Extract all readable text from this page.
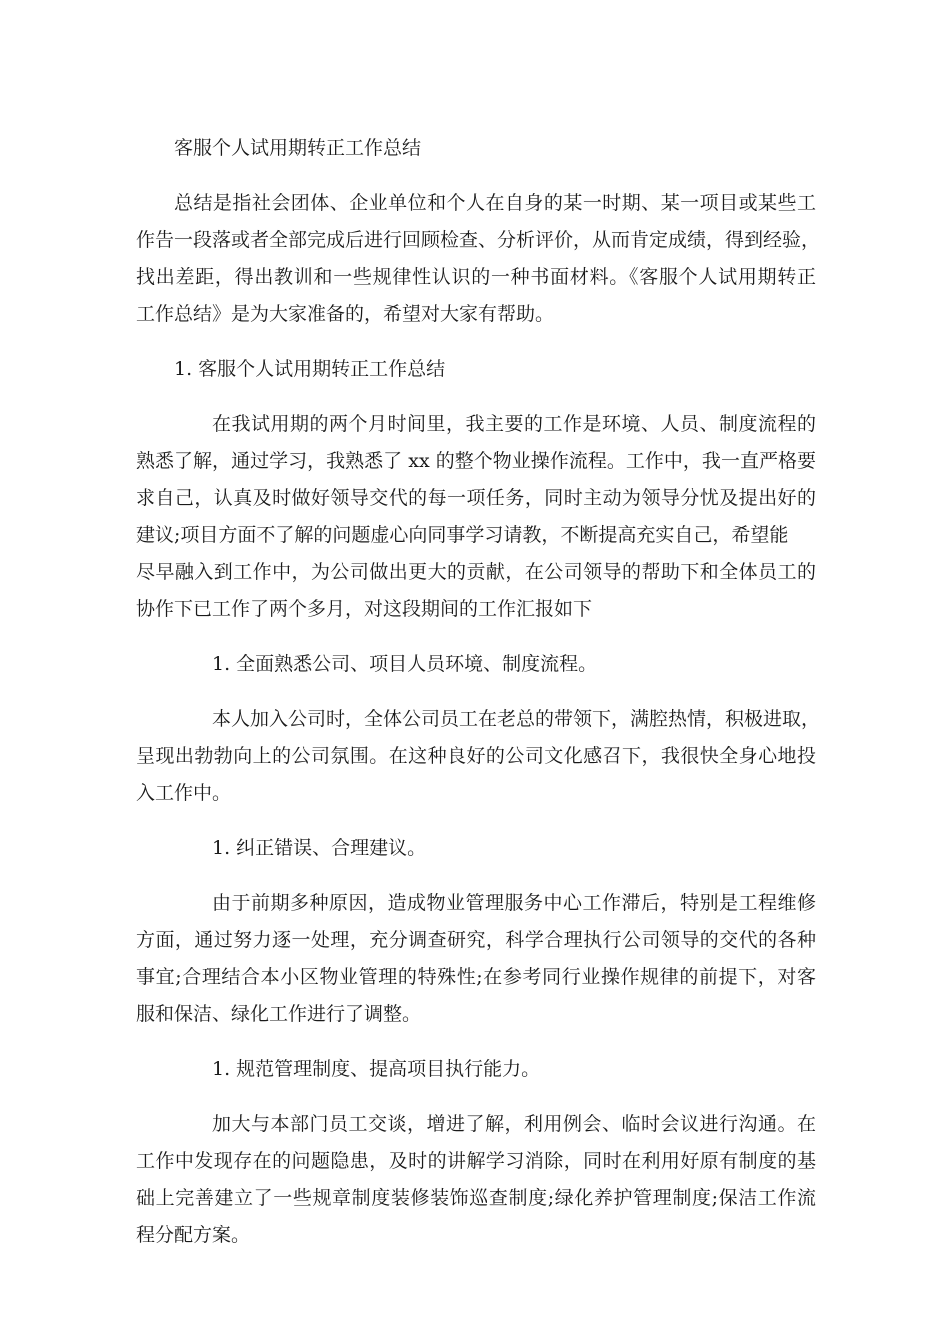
客服个人试用期转正工作总结
总结是指社会团体、企业单位和个人在自身的某一时期、某一项目或某些工
作告一段落或者全部完成后进行回顾检查、分析评价，从而肯定成绩，得到经验，
找出差距，得出教训和一些规律性认识的一种书面材料。《客服个人试用期转正
工作总结》是为大家准备的，希望对大家有帮助。
1. 客服个人试用期转正工作总结
在我试用期的两个月时间里，我主要的工作是环境、人员、制度流程的
熟悉了解，通过学习，我熟悉了 xx 的整个物业操作流程。工作中，我一直严格要
求自己，认真及时做好领导交代的每一项任务，同时主动为领导分忧及提出好的
建议;项目方面不了解的问题虚心向同事学习请教，不断提高充实自己，希望能
尽早融入到工作中，为公司做出更大的贡献，在公司领导的帮助下和全体员工的
协作下已工作了两个多月，对这段期间的工作汇报如下
1. 全面熟悉公司、项目人员环境、制度流程。
本人加入公司时，全体公司员工在老总的带领下，满腔热情，积极进取，
呈现出勃勃向上的公司氛围。在这种良好的公司文化感召下，我很快全身心地投
入工作中。
1. 纠正错误、合理建议。
由于前期多种原因，造成物业管理服务中心工作滞后，特别是工程维修
方面，通过努力逐一处理，充分调查研究，科学合理执行公司领导的交代的各种
事宜;合理结合本小区物业管理的特殊性;在参考同行业操作规律的前提下，对客
服和保洁、绿化工作进行了调整。
1. 规范管理制度、提高项目执行能力。
加大与本部门员工交谈，增进了解，利用例会、临时会议进行沟通。在
工作中发现存在的问题隐患，及时的讲解学习消除，同时在利用好原有制度的基
础上完善建立了一些规章制度装修装饰巡查制度;绿化养护管理制度;保洁工作流
程分配方案。
